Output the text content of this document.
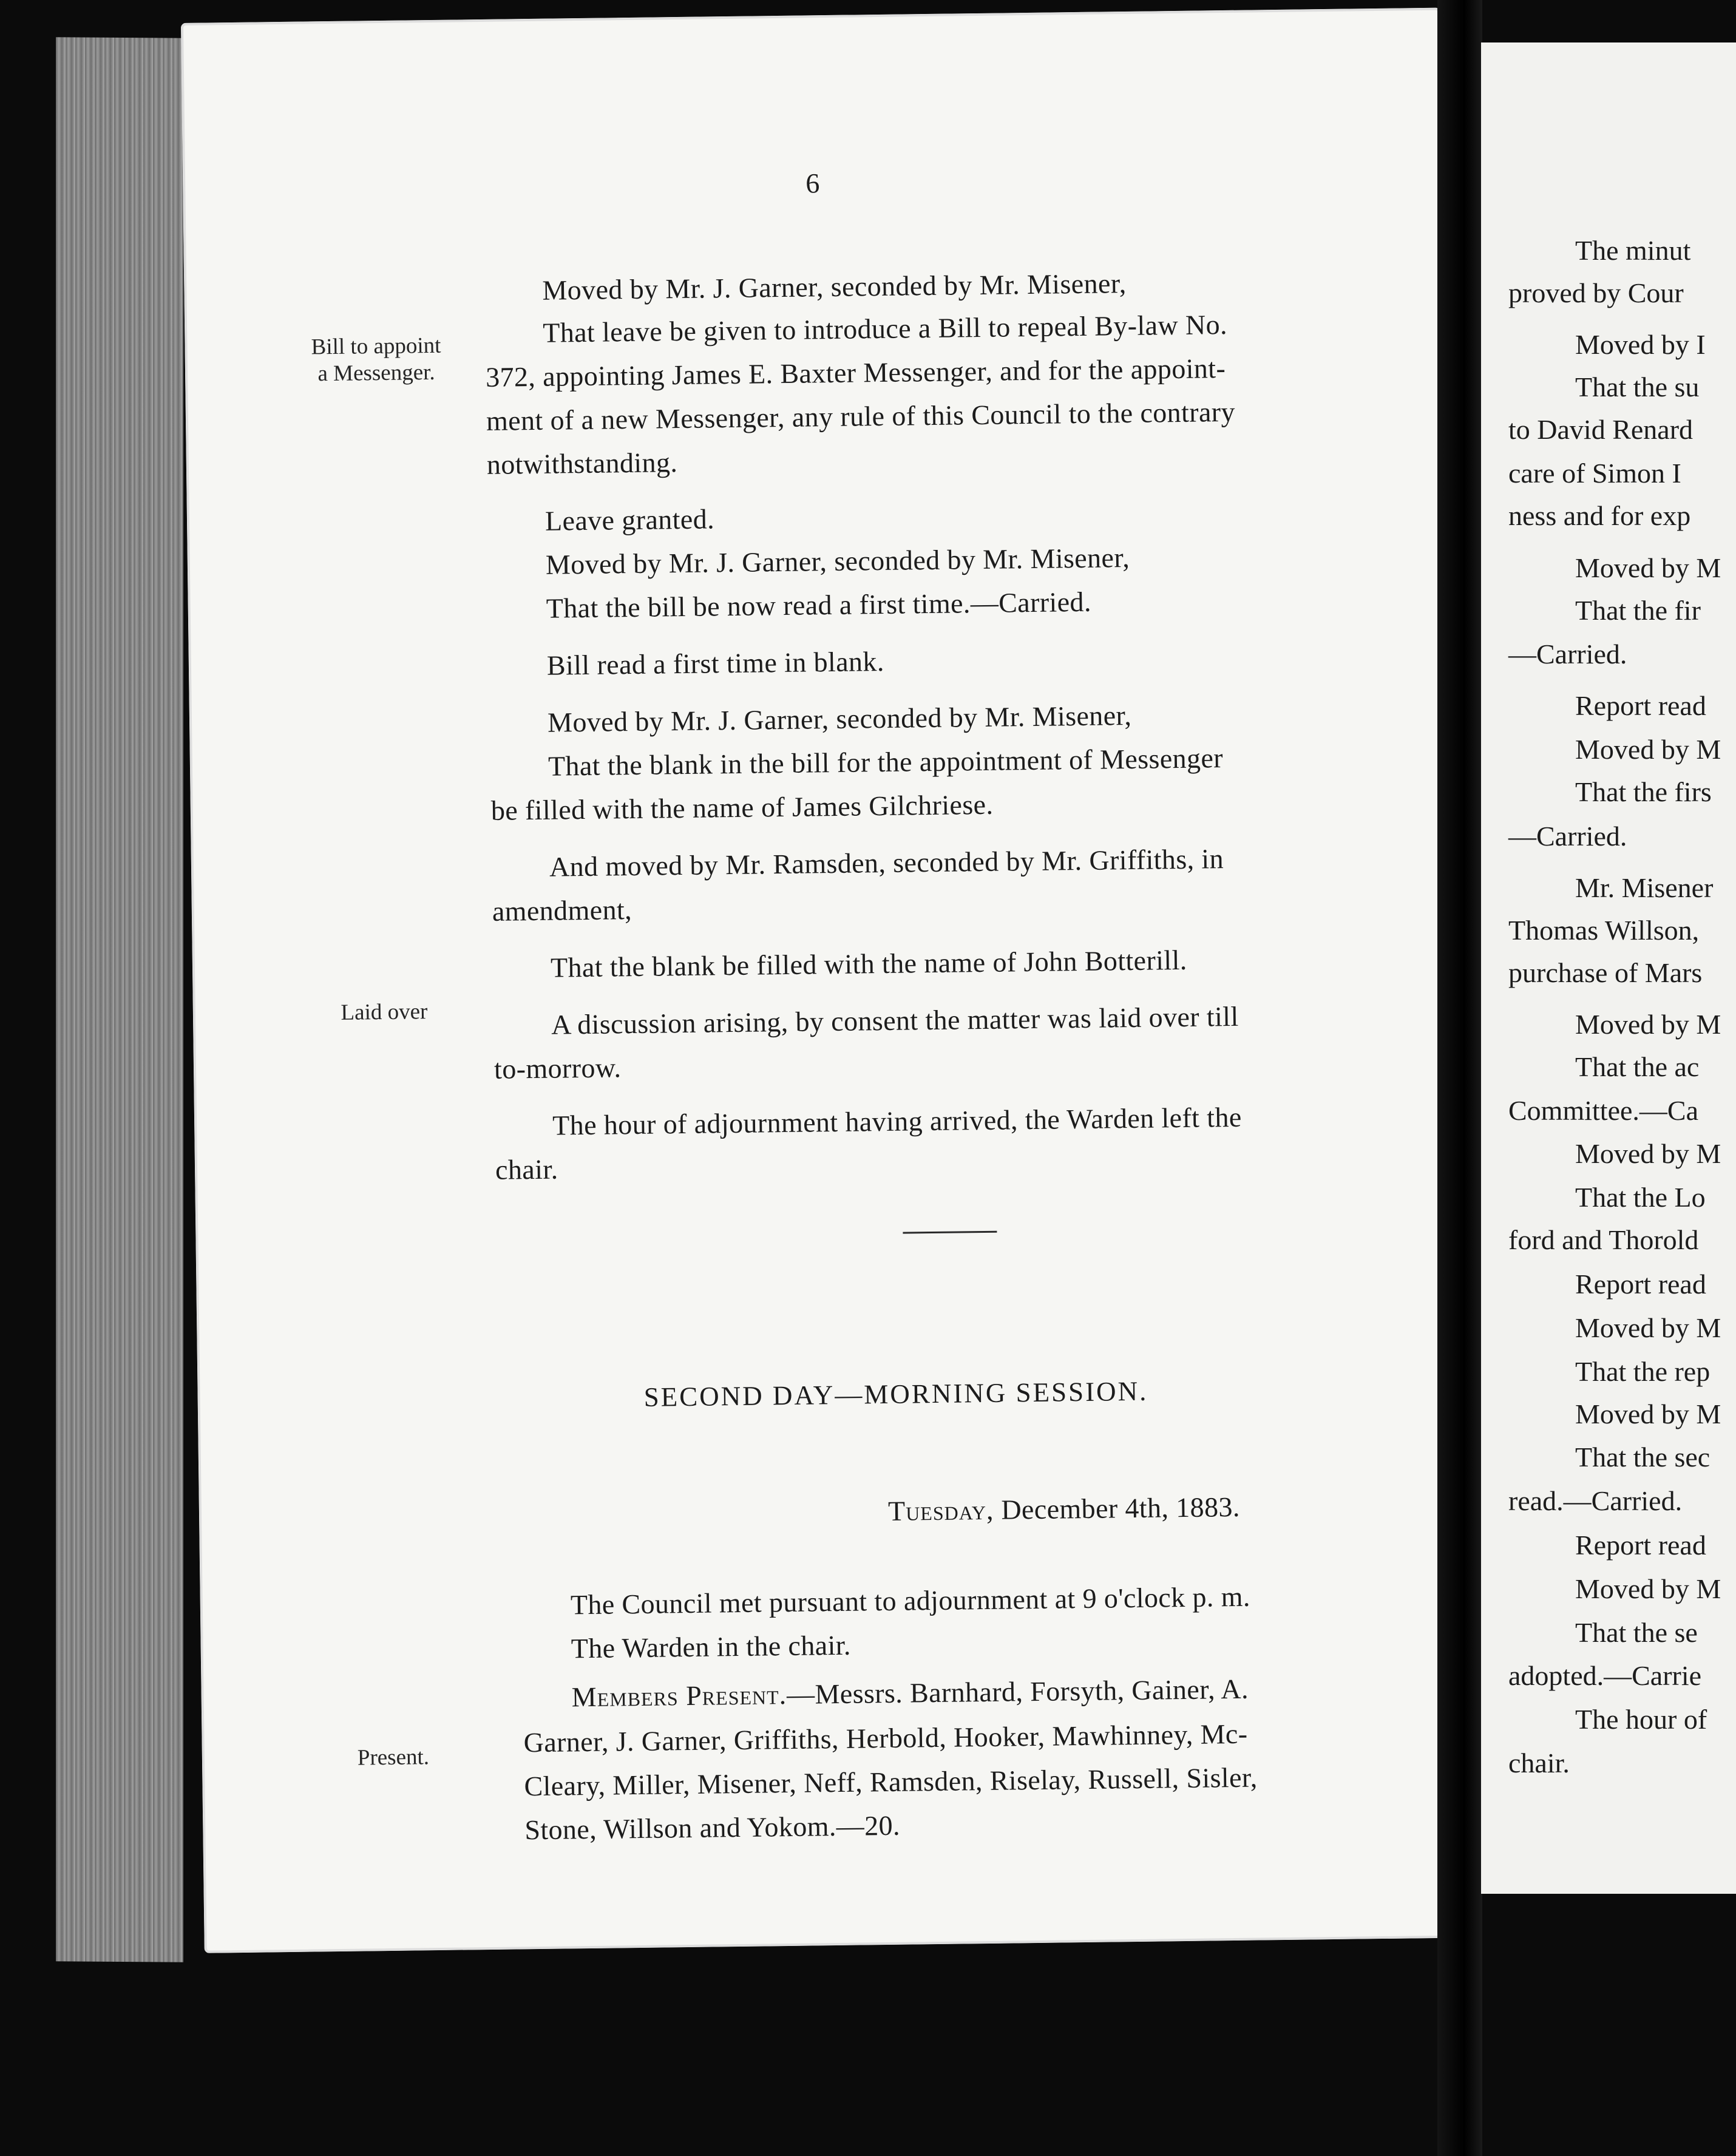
6
Bill to appoint
a Messenger.
Laid over
Present.
Moved by Mr. J. Garner, seconded by Mr. Misener,
That leave be given to introduce a Bill to repeal By-law No.
372, appointing James E. Baxter Messenger, and for the appoint-
ment of a new Messenger, any rule of this Council to the contrary
notwithstanding.
Leave granted.
Moved by Mr. J. Garner, seconded by Mr. Misener,
That the bill be now read a first time.—Carried.
Bill read a first time in blank.
Moved by Mr. J. Garner, seconded by Mr. Misener,
That the blank in the bill for the appointment of Messenger
be filled with the name of James Gilchriese.
And moved by Mr. Ramsden, seconded by Mr. Griffiths, in
amendment,
That the blank be filled with the name of John Botterill.
A discussion arising, by consent the matter was laid over till
to-morrow.
The hour of adjournment having arrived, the Warden left the
chair.
SECOND DAY—MORNING SESSION.
Tuesday, December 4th, 1883.
The Council met pursuant to adjournment at 9 o'clock p. m.
The Warden in the chair.
Members Present.—Messrs. Barnhard, Forsyth, Gainer, A.
Garner, J. Garner, Griffiths, Herbold, Hooker, Mawhinney, Mc-
Cleary, Miller, Misener, Neff, Ramsden, Riselay, Russell, Sisler,
Stone, Willson and Yokom.—20.
The minut
proved by Cour
Moved by I
That the su
to David Renard
care of Simon I
ness and for exp
Moved by M
That the fir
—Carried.
Report read
Moved by M
That the firs
—Carried.
Mr. Misener
Thomas Willson,
purchase of Mars
Moved by M
That the ac
Committee.—Ca
Moved by M
That the Lo
ford and Thorold
Report read
Moved by M
That the rep
Moved by M
That the sec
read.—Carried.
Report read
Moved by M
That the se
adopted.—Carrie
The hour of
chair.
